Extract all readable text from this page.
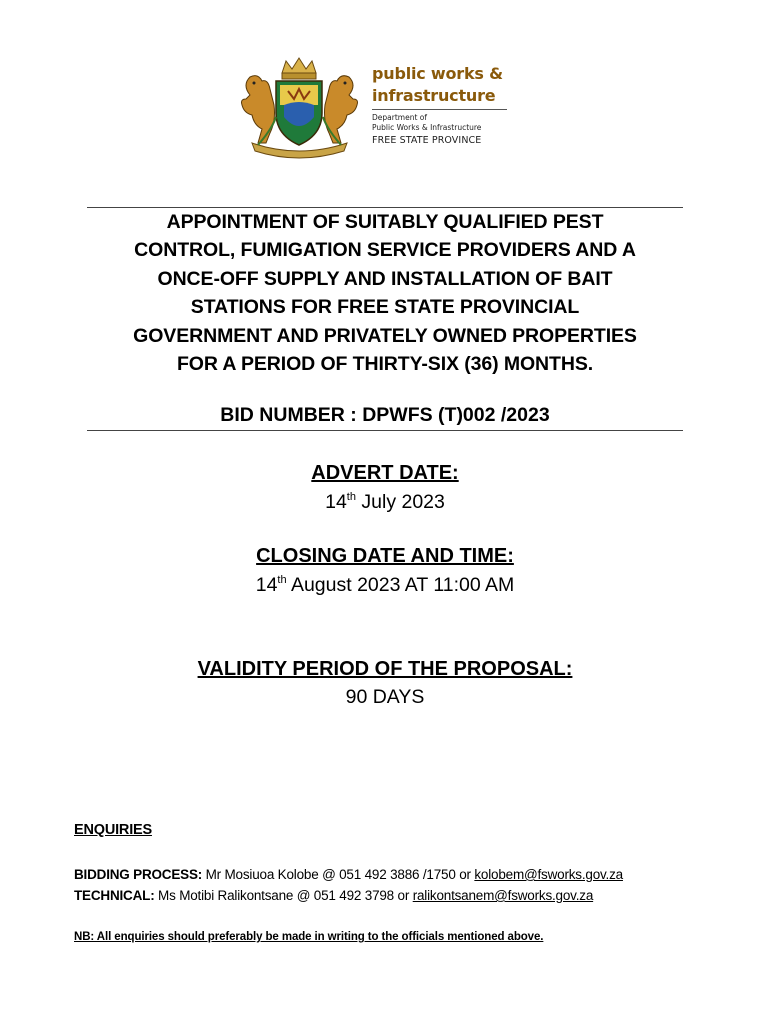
public works &
infrastructure
Department of
Public Works & Infrastructure
FREE STATE PROVINCE
APPOINTMENT OF SUITABLY QUALIFIED PEST
CONTROL, FUMIGATION SERVICE PROVIDERS AND A
ONCE-OFF SUPPLY AND INSTALLATION OF BAIT
STATIONS FOR FREE STATE PROVINCIAL
GOVERNMENT AND PRIVATELY OWNED PROPERTIES
FOR A PERIOD OF THIRTY-SIX (36) MONTHS.
BID NUMBER : DPWFS (T)002 /2023
ADVERT DATE:
14th July 2023
CLOSING DATE AND TIME:
14th August 2023 AT 11:00 AM
VALIDITY PERIOD OF THE PROPOSAL:
90 DAYS
ENQUIRIES
BIDDING PROCESS: Mr Mosiuoa Kolobe @ 051 492 3886 /1750 or kolobem@fsworks.gov.za
TECHNICAL: Ms Motibi Ralikontsane @ 051 492 3798 or ralikontsanem@fsworks.gov.za
NB: All enquiries should preferably be made in writing to the officials mentioned above.
